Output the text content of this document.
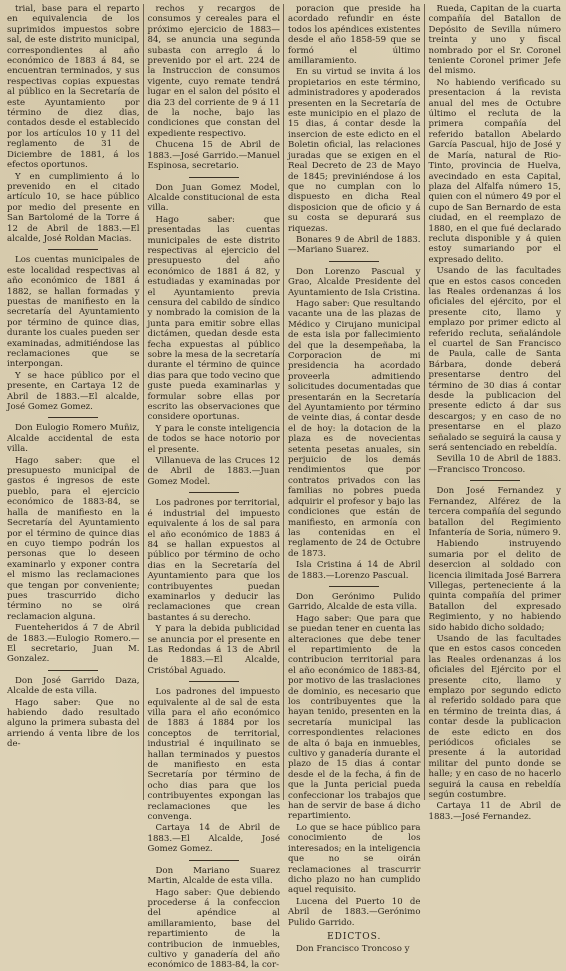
trial, base para el reparto en equivalencia de los suprimidos impuestos sobre sal, de este distrito municipal, correspondientes al año económico de 1883 á 84, se encuentran terminados, y sus respectivas copias expuestas al público en la Secretaría de este Ayuntamiento por término de diez dias, contados desde el establecido por los artículos 10 y 11 del reglamento de 31 de Diciembre de 1881, á los efectos oportunos.

Y en cumplimiento á lo prevenido en el citado artículo 10, se hace público por medio del presente en San Bartolomé de la Torre á 12 de Abril de 1883.—El alcalde, José Roldan Macias.

Los cuentas municipales de este localidad respectivas al año económico de 1881 á 1882, se hallan formadas y puestas de manifiesto en la secretaría del Ayuntamiento por término de quince dias, durante los cuales pueden ser examinadas, admitiéndose las reclamaciones que se interpongan.

Y se hace público por el presente, en Cartaya 12 de Abril de 1883.—El alcalde, José Gomez Gomez.

Don Eulogio Romero Muñiz, Alcalde accidental de esta villa.

Hago saber: que el presupuesto municipal de gastos é ingresos de este pueblo, para el ejercicio económico de 1883-84, se halla de manifiesto en la Secretaría del Ayuntamiento por el término de quince dias en cuyo tiempo podrán los personas que lo deseen examinarlo y exponer contra el mismo las reclamaciones que tengan por conveniente; pues trascurrido dicho término no se oirá reclamacion alguna.

Fuenteheridos á 7 de Abril de 1883.—Eulogio Romero.—El secretario, Juan M. Gonzalez.

Don José Garrido Daza, Alcalde de esta villa.

Hago saber: Que no habiendo dado resultado alguno la primera subasta del arriendo á venta libre de los de-

rechos y recargos de consumos y cereales para el próximo ejercicio de 1883—84, se anuncia una segunda subasta con arreglo á lo prevenido por el art. 224 de la Instruccion de consumos vigente, cuyo remate tendrá lugar en el salon del pósito el dia 23 del corriente de 9 á 11 de la noche, bajo las condiciones que constan del expediente respectivo.

Chucena 15 de Abril de 1883.—José Garrido.—Manuel Espinosa, secretario.

Don Juan Gomez Model, Alcalde constitucional de esta villa.

Hago saber: que presentadas las cuentas municipales de este distrito respectivas al ejercicio del presupuesto del año económico de 1881 á 82, y estudiadas y examinadas por el Ayuntamiento previa censura del cabildo de síndico y nombrado la comision de la junta para emitir sobre ellas dictámen, quedan desde esta fecha expuestas al público sobre la mesa de la secretaría durante el término de quince dias para que todo vecino que guste pueda examinarlas y formular sobre ellas por escrito las observaciones que considere oportunas.

Y para le conste inteligencia de todos se hace notorio por el presente.

Villanueva de las Cruces 12 de Abril de 1883.—Juan Gomez Model.

Los padrones por territorial, é industrial del impuesto equivalente á los de sal para el año económico de 1883 á 84 se hallan expuestos al público por término de ocho dias en la Secretaría del Ayuntamiento para que los contribuyentes puedan examinarlos y deducir las reclamaciones que crean bastantes á su derecho.

Y para la debida publicidad se anuncia por el presente en Las Redondas á 13 de Abril de 1883.—El Alcalde, Cristóbal Aguado.

Los padrones del impuesto equivalente al de sal de esta villa para el año económico de 1883 á 1884 por los conceptos de territorial, industrial é inquilinato se hallan terminados y puestos de manifiesto en esta Secretaría por término de ocho dias para que los contribuyentes expongan las reclamaciones que les convenga.

Cartaya 14 de Abril de 1883.—El Alcalde, José Gomez Gomez.

Don Mariano Suarez Martin, Alcalde de esta villa.

Hago saber: Que debiendo procederse á la confeccion del apéndice al amillaramiento, base del repartimiento de la contribucion de inmuebles, cultivo y ganadería del año económico de 1883-84, la cor-

poracion que preside ha acordado refundir en éste todos los apéndices existentes desde el año 1858-59 que se formó el último amillaramiento.

En su virtud se invita á los propietarios en este término, administradores y apoderados presenten en la Secretaría de este municipio en el plazo de 15 dias, á contar desde la insercion de este edicto en el Boletin oficial, las relaciones juradas que se exigen en el Real Decreto de 23 de Mayo de 1845; previniéndose á los que no cumplan con lo dispuesto en dicha Real disposicion que de oficio y á su costa se depurará sus riquezas.

Bonares 9 de Abril de 1883.—Mariano Suarez.

Don Lorenzo Pascual y Grao, Alcalde Presidente del Ayuntamiento de Isla Cristina.

Hago saber: Que resultando vacante una de las plazas de Médico y Cirujano municipal de esta isla por fallecimiento del que la desempeñaba, la Corporacion de mi presidencia ha acordado proveerla admitiendo solicitudes documentadas que presentarán en la Secretaría del Ayuntamiento por término de veinte dias, á contar desde el de hoy: la dotacion de la plaza es de novecientas setenta pesetas anuales, sin perjuicio de los demás rendimientos que por contratos privados con las familias no pobres pueda adquirir el profesor y bajo las condiciones que están de manifiesto, en armonía con las contenidas en el reglamento de 24 de Octubre de 1873.

Isla Cristina á 14 de Abril de 1883.—Lorenzo Pascual.

Don Gerónimo Pulido Garrido, Alcalde de esta villa.

Hago saber: Que para que se puedan tener en cuenta las alteraciones que debe tener el repartimiento de la contribucion territorial para el año económico de 1883-84, por motivo de las traslaciones de dominio, es necesario que los contribuyentes que la hayan tenido, presenten en la secretaría municipal las correspondientes relaciones de alta ó baja en inmuebles, cultivo y ganadería durante el plazo de 15 dias á contar desde el de la fecha, á fin de que la Junta pericial pueda confeccionar los trabajos que han de servir de base á dicho repartimiento.

Lo que se hace público para conocimiento de los interesados; en la inteligencia que no se oirán reclamaciones al trascurrir dicho plazo no han cumplido aquel requisito.

Lucena del Puerto 10 de Abril de 1883.—Gerónimo Pulido Garrido.

EDICTOS.

Don Francisco Troncoso y

Rueda, Capitan de la cuarta compañía del Batallon de Depósito de Sevilla número treinta y uno y fiscal nombrado por el Sr. Coronel teniente Coronel primer Jefe del mismo.

No habiendo verificado su presentacion á la revista anual del mes de Octubre último el recluta de la primera compañía del referido batallon Abelardo García Pascual, hijo de José y de María, natural de Rio-Tinto, provincia de Huelva, avecindado en esta Capital, plaza del Alfalfa número 15, quien con el número 49 por el cupo de San Bernardo de esta ciudad, en el reemplazo de 1880, en el que fué declarado recluta disponible y á quien estoy sumariando por el expresado delito.

Usando de las facultades que en estos casos conceden las Reales ordenanzas á los oficiales del ejército, por el presente cito, llamo y emplazo por primer edicto al referido recluta, señalándole el cuartel de San Francisco de Paula, calle de Santa Bárbara, donde deberá presentarse dentro del término de 30 dias á contar desde la publicacion del presente edicto á dar sus descargos; y en caso de no presentarse en el plazo señalado se seguirá la causa y será sentenciado en rebeldía.

Sevilla 10 de Abril de 1883.—Francisco Troncoso.

Don José Fernandez y Fernandez, Alférez de la tercera compañía del segundo batallon del Regimiento Infantería de Soria, número 9.

Habiendo instruyendo sumaria por el delito de desercion al soldado con licencia ilimitada José Barrera Villegas, perteneciente á la quinta compañía del primer Batallon del expresado Regimiento, y no habiendo sido habido dicho soldado;

Usando de las facultades que en estos casos conceden las Reales ordenanzas á los oficiales del Ejército por el presente cito, llamo y emplazo por segundo edicto al referido soldado para que en término de treinta dias, á contar desde la publicacion de este edicto en dos periódicos oficiales se presente á la autoridad militar del punto donde se halle; y en caso de no hacerlo seguirá la causa en rebeldía según costumbre.

Cartaya 11 de Abril de 1883.—José Fernandez.
